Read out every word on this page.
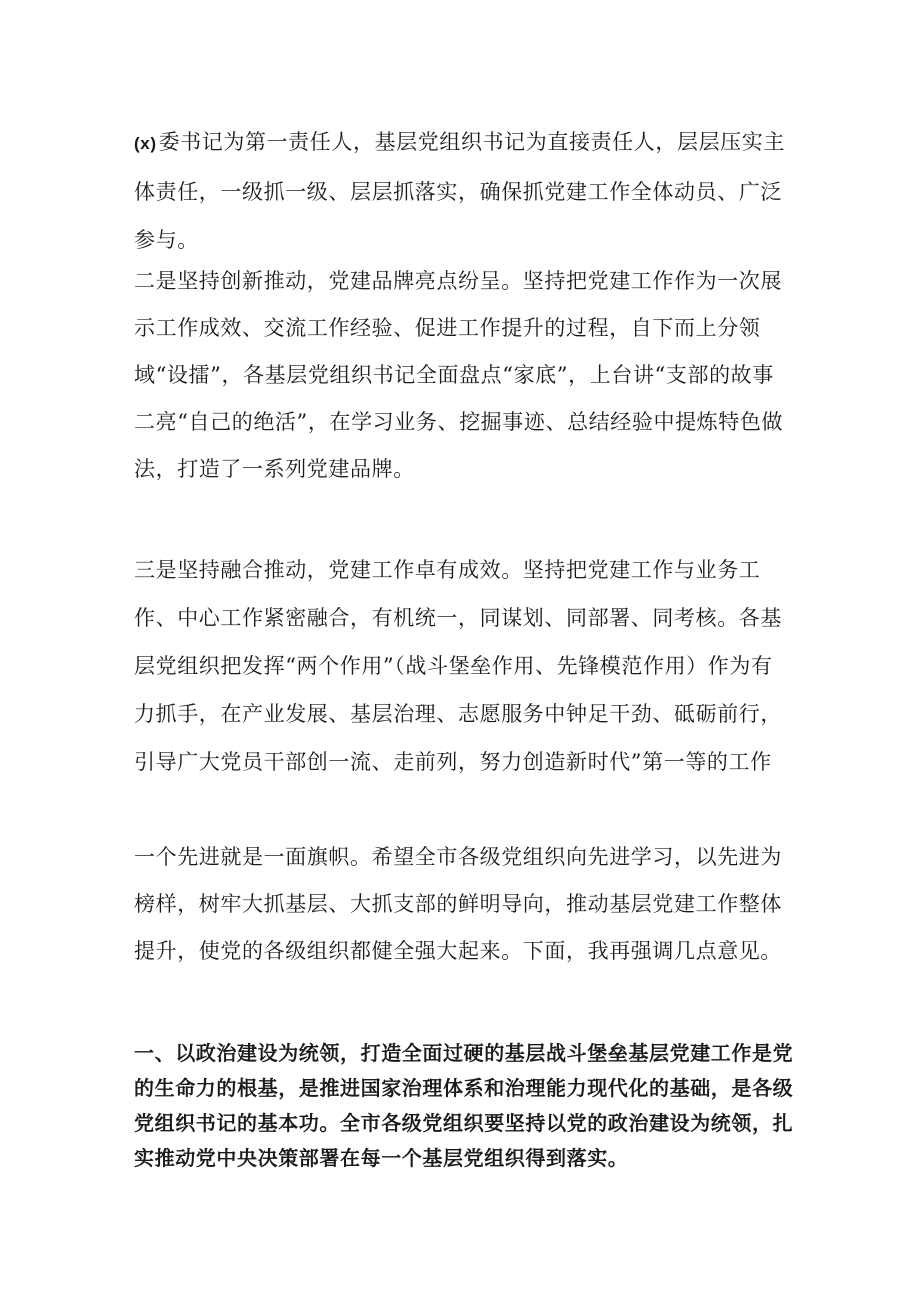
(x)委书记为第一责任人，基层党组织书记为直接责任人，层层压实主体责任，一级抓一级、层层抓落实，确保抓党建工作全体动员、广泛参与。

二是坚持创新推动，党建品牌亮点纷呈。坚持把党建工作作为一次展示工作成效、交流工作经验、促进工作提升的过程，自下而上分领域“设擂”，各基层党组织书记全面盘点“家底”，上台讲“支部的故事二亮“自己的绝活”，在学习业务、挖掘事迹、总结经验中提炼特色做法，打造了一系列党建品牌。

三是坚持融合推动，党建工作卓有成效。坚持把党建工作与业务工作、中心工作紧密融合，有机统一，同谋划、同部署、同考核。各基层党组织把发挥“两个作用”（战斗堡垒作用、先锋模范作用）作为有力抓手，在产业发展、基层治理、志愿服务中钟足干劲、砥砺前行，引导广大党员干部创一流、走前列，努力创造新时代”第一等的工作

一个先进就是一面旗帜。希望全市各级党组织向先进学习，以先进为榜样，树牢大抓基层、大抓支部的鲜明导向，推动基层党建工作整体提升，使党的各级组织都健全强大起来。下面，我再强调几点意见。

一、以政治建设为统领，打造全面过硬的基层战斗堡垒基层党建工作是党的生命力的根基，是推进国家治理体系和治理能力现代化的基础，是各级党组织书记的基本功。全市各级党组织要坚持以党的政治建设为统领，扎实推动党中央决策部署在每一个基层党组织得到落实。
